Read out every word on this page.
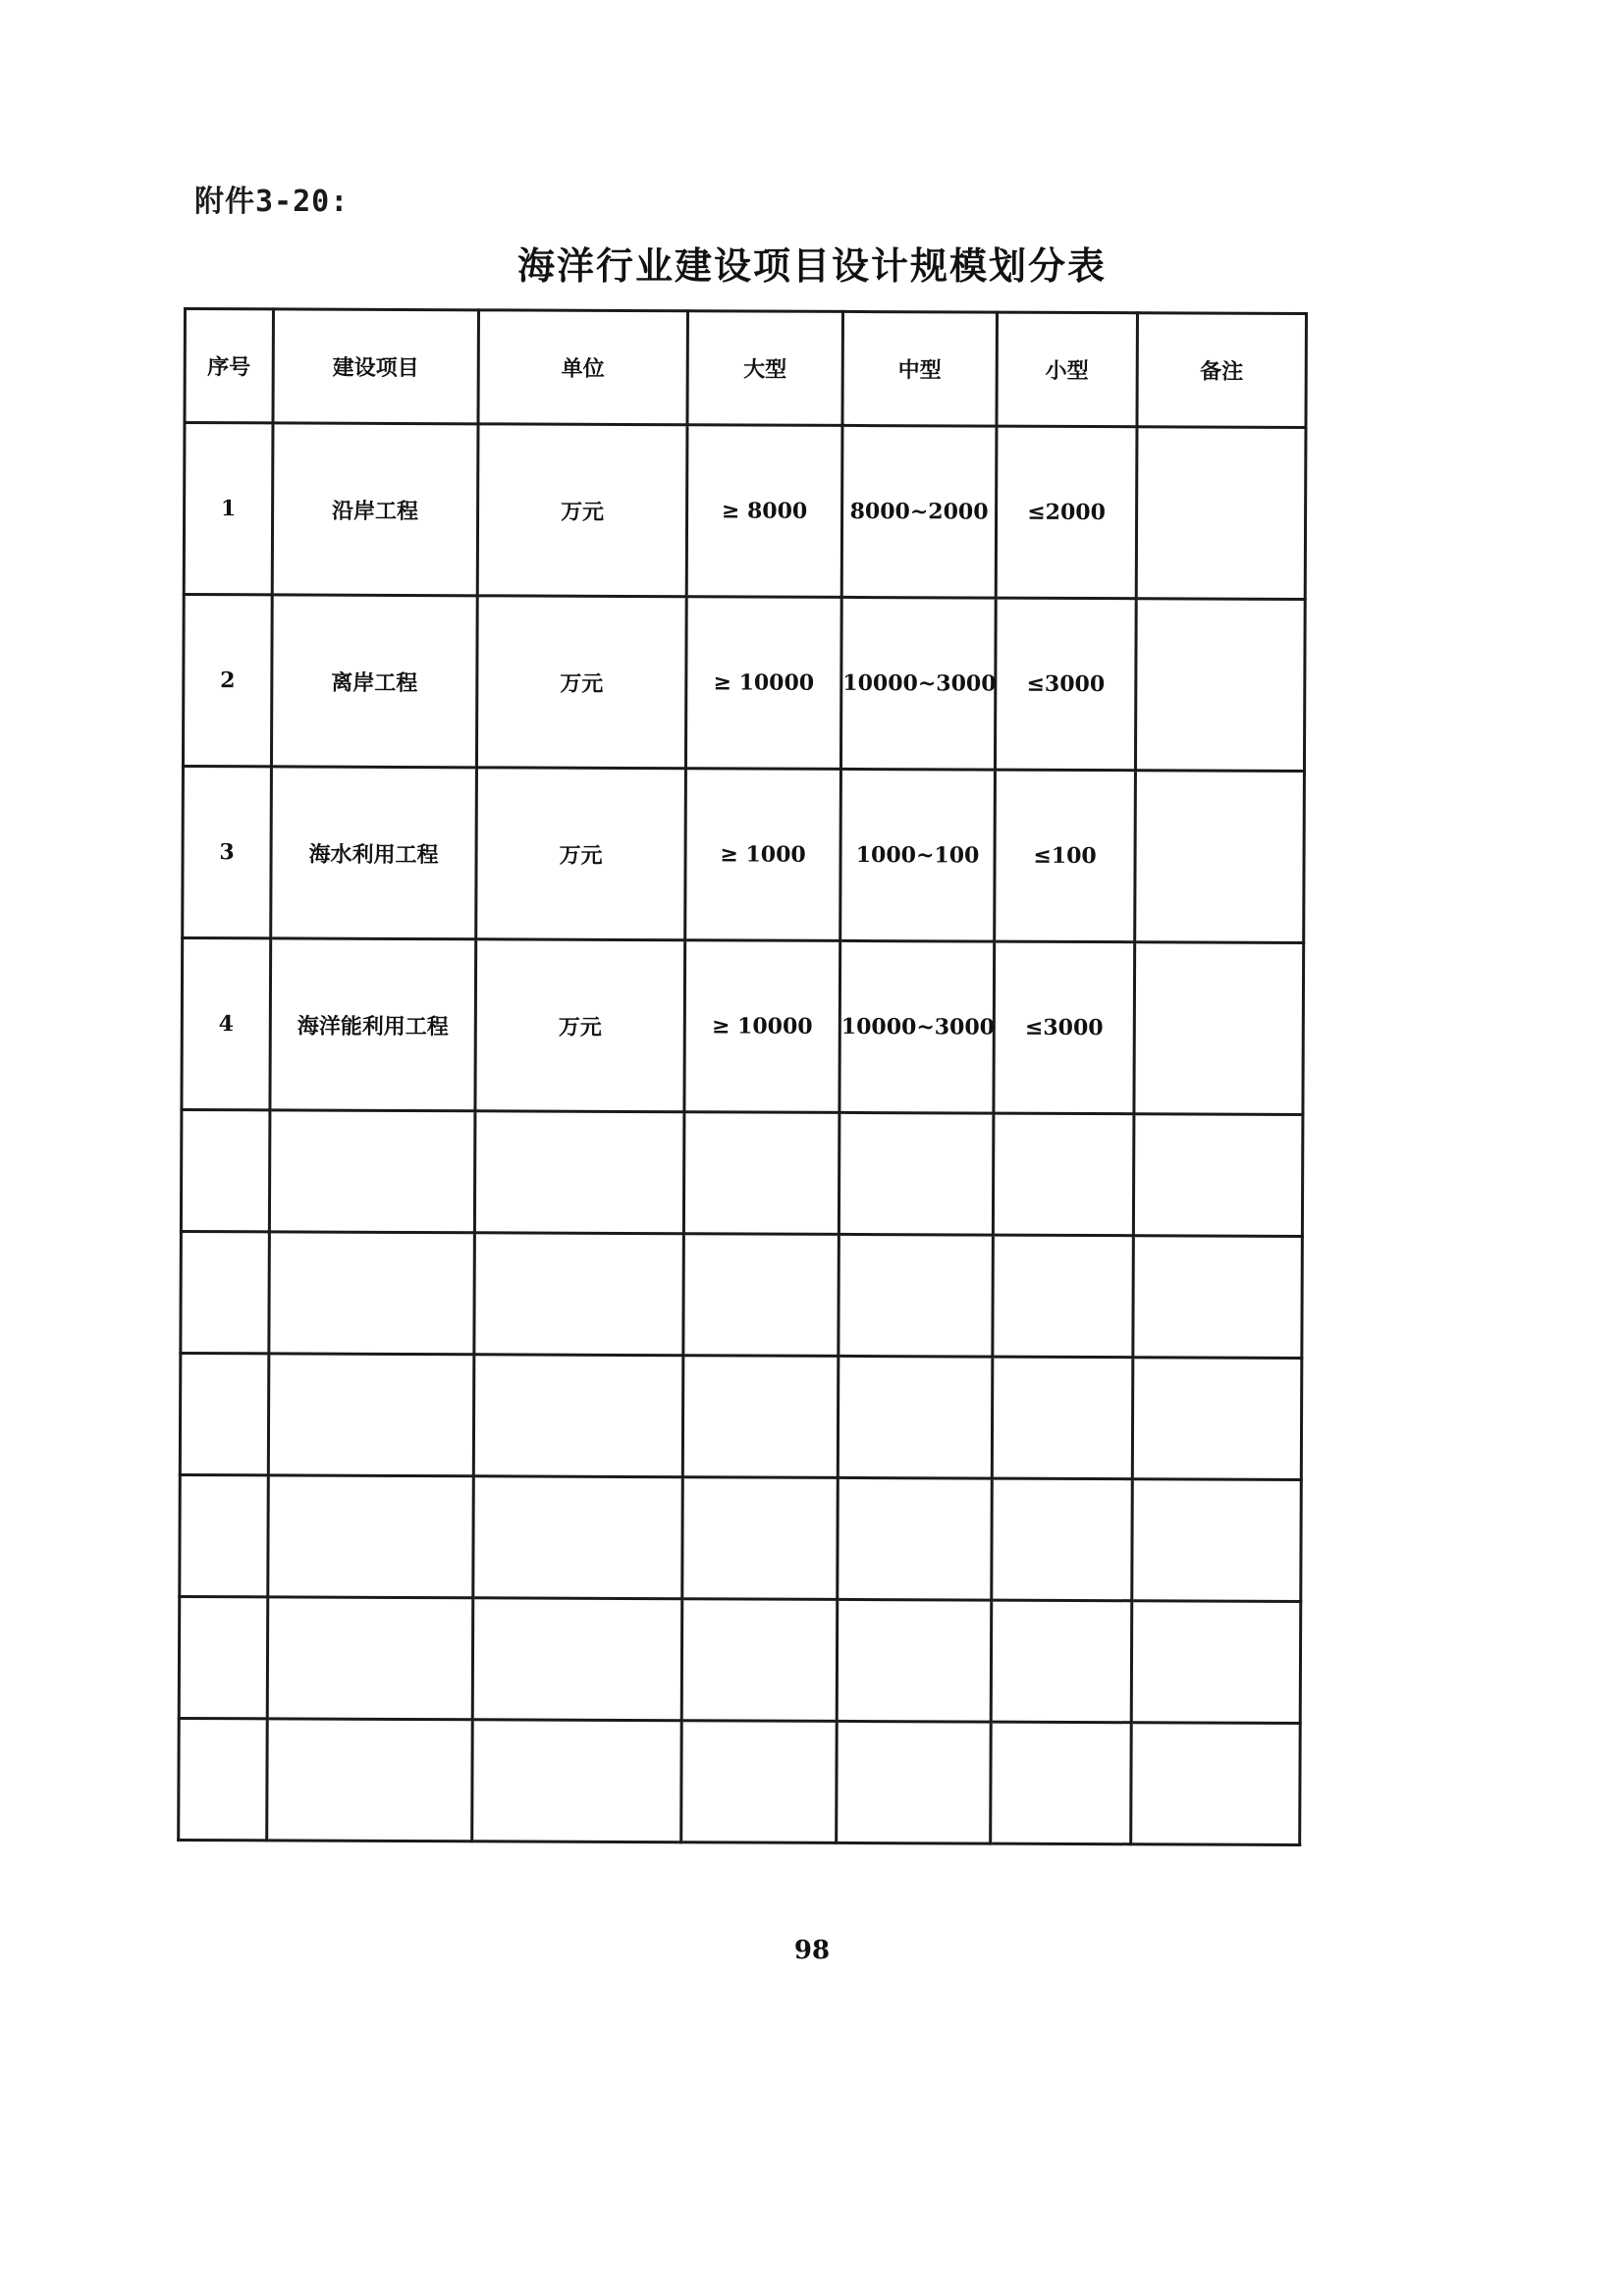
附件3-20:
海洋行业建设项目设计规模划分表
序号	建设项目	单位	大型	中型	小型	备注
1	沿岸工程	万元	≥ 8000	8000~2000	≤2000	
2	离岸工程	万元	≥ 10000	10000~3000	≤3000	
3	海水利用工程	万元	≥ 1000	1000~100	≤100	
4	海洋能利用工程	万元	≥ 10000	10000~3000	≤3000	

98
